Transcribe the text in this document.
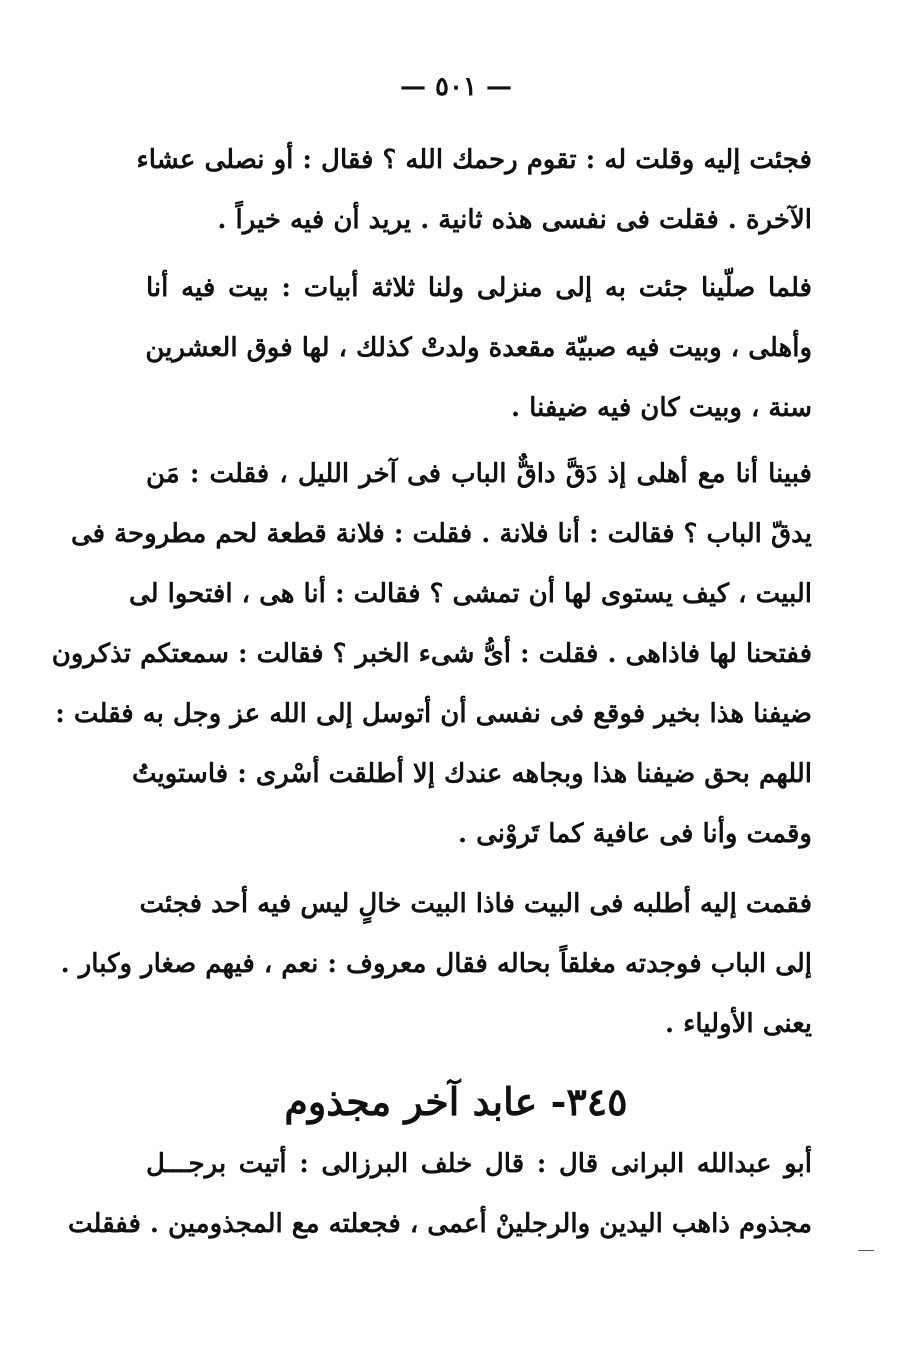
— ٥٠١ —
فجئت إليه وقلت له : تقوم رحمك الله ؟ فقال : أو نصلى عشاء
الآخرة . فقلت فى نفسى هذه ثانية . يريد أن فيه خيراً .
فلما صلّينا جئت به إلى منزلى ولنا ثلاثة أبيات : بيت فيه أنا
وأهلى ، وبيت فيه صبيّة مقعدة ولدتْ كذلك ، لها فوق العشرين
سنة ، وبيت كان فيه ضيفنا .
فبينا أنا مع أهلى إذ دَقَّ داقٌّ الباب فى آخر الليل ، فقلت : مَن
يدقّ الباب ؟ فقالت : أنا فلانة . فقلت : فلانة قطعة لحم مطروحة فى
البيت ، كيف يستوى لها أن تمشى ؟ فقالت : أنا هى ، افتحوا لى
ففتحنا لها فاذاهى . فقلت : أىُّ شىء الخبر ؟ فقالت : سمعتكم تذكرون
ضيفنا هذا بخير فوقع فى نفسى أن أتوسل إلى الله عز وجل به فقلت :
اللهم بحق ضيفنا هذا وبجاهه عندك إلا أطلقت أسْرى : فاستويتُ
وقمت وأنا فى عافية كما تَروْنى .
فقمت إليه أطلبه فى البيت فاذا البيت خالٍ ليس فيه أحد فجئت
إلى الباب فوجدته مغلقاً بحاله فقال معروف : نعم ، فيهم صغار وكبار .
يعنى الأولياء .
٣٤٥- عابد آخر مجذوم
أبو عبدالله البرانى قال : قال خلف البرزالى : أتيت برجـــل
مجذوم ذاهب اليدين والرجلينْ أعمى ، فجعلته مع المجذومين . ففقلت
